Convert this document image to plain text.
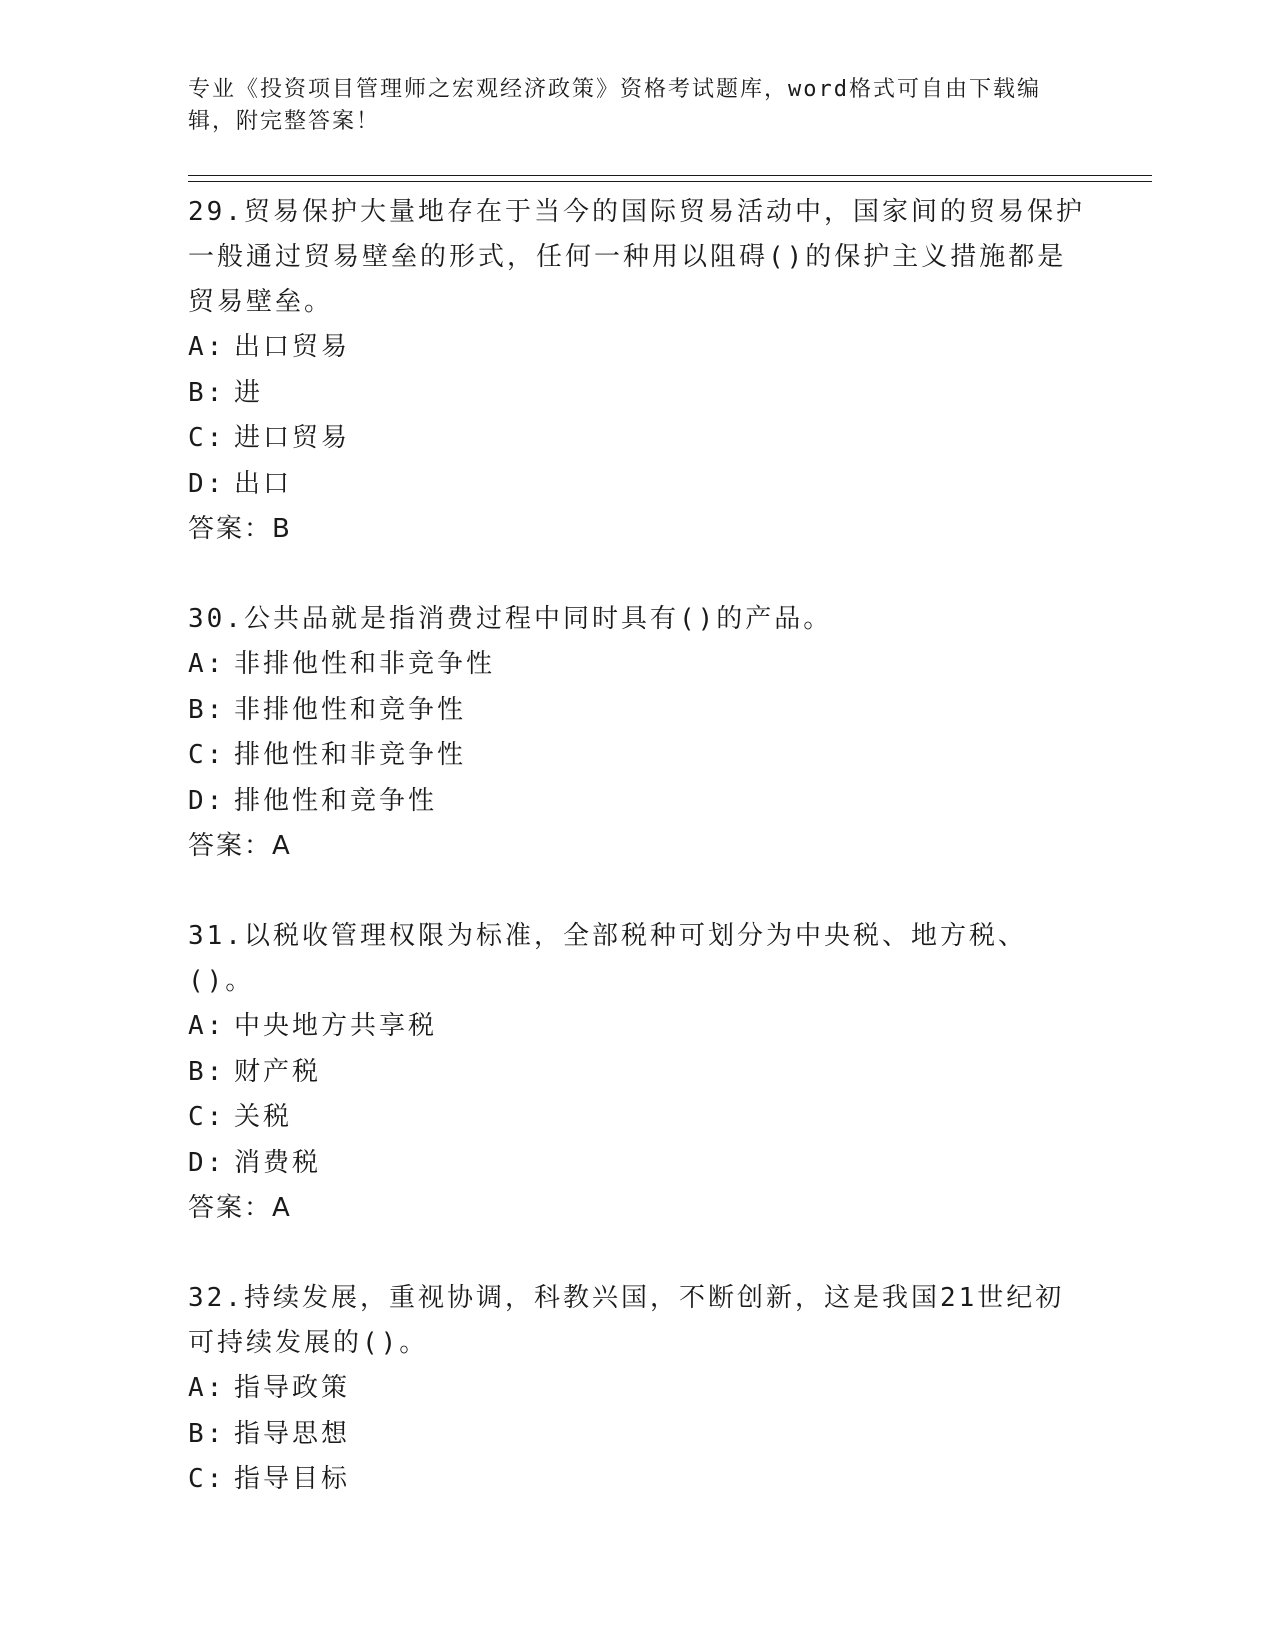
专业《投资项目管理师之宏观经济政策》资格考试题库，word格式可自由下载编辑，附完整答案！

29.贸易保护大量地存在于当今的国际贸易活动中，国家间的贸易保护一般通过贸易壁垒的形式，任何一种用以阻碍()的保护主义措施都是贸易壁垒。

A: 出口贸易

B: 进

C: 进口贸易

D: 出口

答案：B

30.公共品就是指消费过程中同时具有()的产品。

A: 非排他性和非竞争性

B: 非排他性和竞争性

C: 排他性和非竞争性

D: 排他性和竞争性

答案：A

31.以税收管理权限为标准，全部税种可划分为中央税、地方税、()。

A: 中央地方共享税

B: 财产税

C: 关税

D: 消费税

答案：A

32.持续发展，重视协调，科教兴国，不断创新，这是我国21世纪初可持续发展的()。

A: 指导政策

B: 指导思想

C: 指导目标
